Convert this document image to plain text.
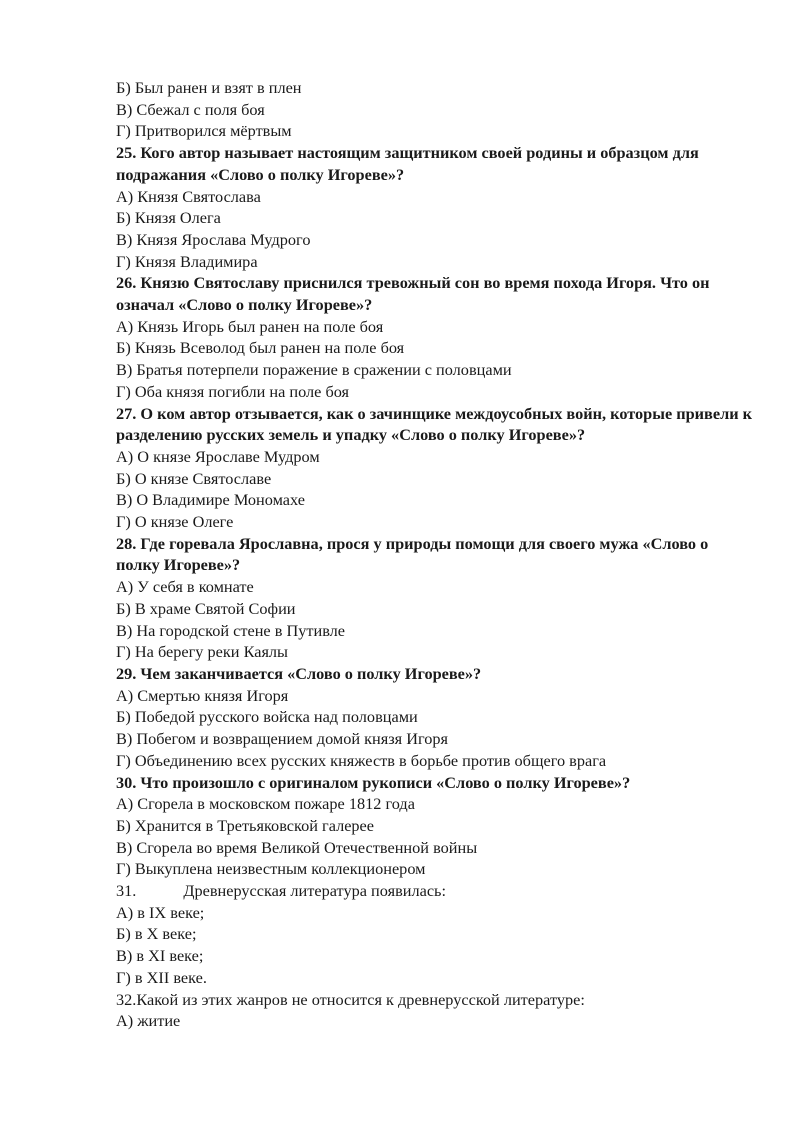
Б) Был ранен и взят в плен
В) Сбежал с поля боя
Г) Притворился мёртвым
25. Кого автор называет настоящим защитником своей родины и образцом для подражания «Слово о полку Игореве»?
А) Князя Святослава
Б) Князя Олега
В) Князя Ярослава Мудрого
Г) Князя Владимира
26. Князю Святославу приснился тревожный сон во время похода Игоря. Что он означал «Слово о полку Игореве»?
А) Князь Игорь был ранен на поле боя
Б) Князь Всеволод был ранен на поле боя
В) Братья потерпели поражение в сражении с половцами
Г) Оба князя погибли на поле боя
27. О ком автор отзывается, как о зачинщике междоусобных войн, которые привели к разделению русских земель и упадку «Слово о полку Игореве»?
А) О князе Ярославе Мудром
Б) О князе Святославе
В) О Владимире Мономахе
Г) О князе Олеге
28. Где горевала Ярославна, прося у природы помощи для своего мужа «Слово о полку Игореве»?
А) У себя в комнате
Б) В храме Святой Софии
В) На городской стене в Путивле
Г) На берегу реки Каялы
29. Чем заканчивается «Слово о полку Игореве»?
А) Смертью князя Игоря
Б) Победой русского войска над половцами
В) Побегом и возвращением домой князя Игоря
Г) Объединению всех русских княжеств в борьбе против общего врага
30. Что произошло с оригиналом рукописи «Слово о полку Игореве»?
А) Сгорела в московском пожаре 1812 года
Б) Хранится в Третьяковской галерее
В) Сгорела во время Великой Отечественной войны
Г) Выкуплена неизвестным коллекционером
31.	Древнерусская литература появилась:
А) в IX веке;
Б) в X веке;
В) в XI веке;
Г) в XII веке.
32.Какой из этих жанров не относится к древнерусской литературе:
А) житие
